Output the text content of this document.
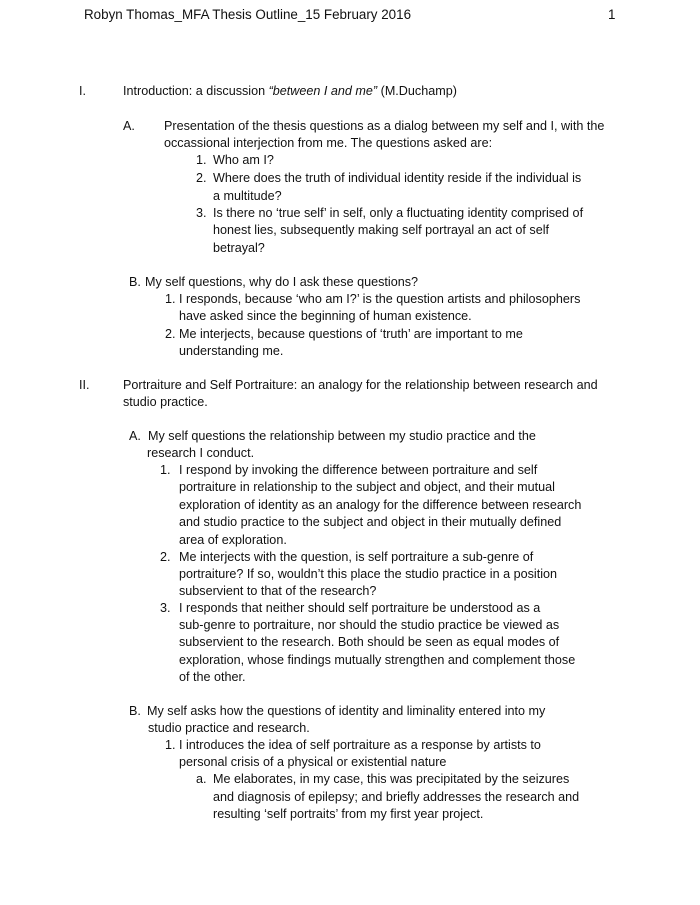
Robyn Thomas_MFA Thesis Outline_15 February 2016	1
I.	Introduction: a discussion “between I and me” (M.Duchamp)
A. Presentation of the thesis questions as a dialog between my self and I, with the
occassional interjection from me. The questions asked are:
1. Who am I?
2. Where does the truth of individual identity reside if the individual is
a multitude?
3. Is there no ‘true self’ in self, only a fluctuating identity comprised of
honest lies, subsequently making self portrayal an act of self
betrayal?
B. My self questions, why do I ask these questions?
1. I responds, because ‘who am I?’ is the question artists and philosophers
have asked since the beginning of human existence.
2. Me interjects, because questions of ‘truth’ are important to me
understanding me.
II.	Portraiture and Self Portraiture: an analogy for the relationship between research and
studio practice.
A. My self questions the relationship between my studio practice and the
research I conduct.
1. I respond by invoking the difference between portraiture and self
portraiture in relationship to the subject and object, and their mutual
exploration of identity as an analogy for the difference between research
and studio practice to the subject and object in their mutually defined
area of exploration.
2. Me interjects with the question, is self portraiture a sub-genre of
portraiture? If so, wouldn’t this place the studio practice in a position
subservient to that of the research?
3. I responds that neither should self portraiture be understood as a
sub-genre to portraiture, nor should the studio practice be viewed as
subservient to the research. Both should be seen as equal modes of
exploration, whose findings mutually strengthen and complement those
of the other.
B. My self asks how the questions of identity and liminality entered into my
studio practice and research.
1. I introduces the idea of self portraiture as a response by artists to
personal crisis of a physical or existential nature
a. Me elaborates, in my case, this was precipitated by the seizures
and diagnosis of epilepsy; and briefly addresses the research and
resulting ‘self portraits’ from my first year project.
